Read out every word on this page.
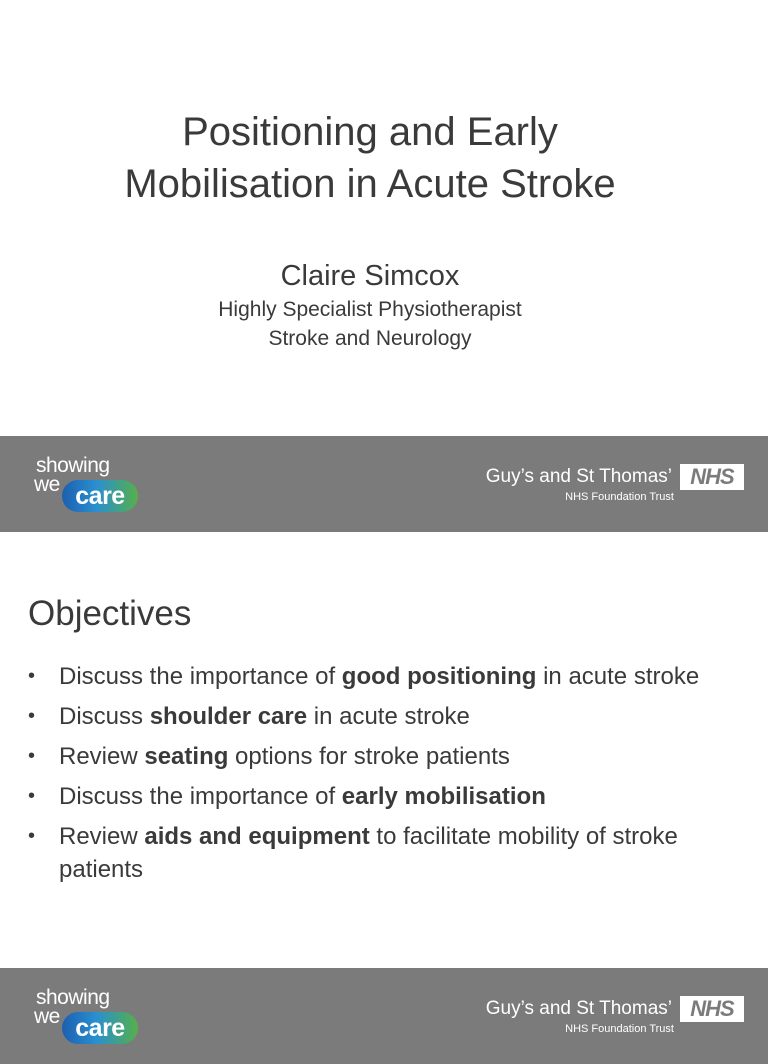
Positioning and Early
Mobilisation in Acute Stroke
Claire Simcox
Highly Specialist Physiotherapist
Stroke and Neurology
showing
we care
Guy’s and St Thomas’
NHS Foundation Trust
NHS
Objectives
• Discuss the importance of good positioning in acute stroke
• Discuss shoulder care in acute stroke
• Review seating options for stroke patients
• Discuss the importance of early mobilisation
• Review aids and equipment to facilitate mobility of stroke patients
showing
we care
Guy’s and St Thomas’
NHS Foundation Trust
NHS
